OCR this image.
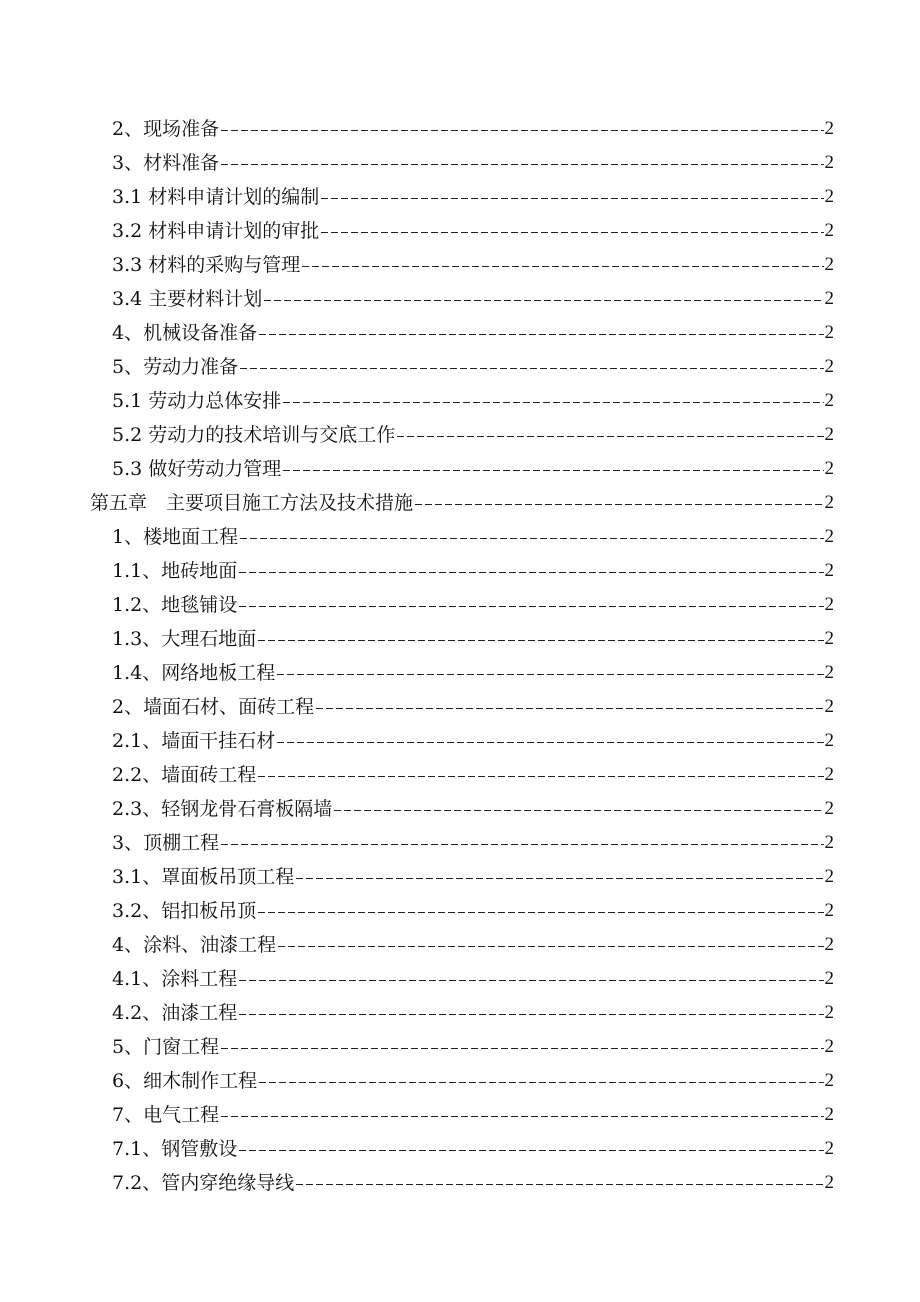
2、现场准备	2
3、材料准备	2
3.1 材料申请计划的编制	2
3.2 材料申请计划的审批	2
3.3 材料的采购与管理	2
3.4 主要材料计划	2
4、机械设备准备	2
5、劳动力准备	2
5.1 劳动力总体安排	2
5.2 劳动力的技术培训与交底工作	2
5.3 做好劳动力管理	2
第五章　主要项目施工方法及技术措施	2
1、楼地面工程	2
1.1、地砖地面	2
1.2、地毯铺设	2
1.3、大理石地面	2
1.4、网络地板工程	2
2、墙面石材、面砖工程	2
2.1、墙面干挂石材	2
2.2、墙面砖工程	2
2.3、轻钢龙骨石膏板隔墙	2
3、顶棚工程	2
3.1、罩面板吊顶工程	2
3.2、铝扣板吊顶	2
4、涂料、油漆工程	2
4.1、涂料工程	2
4.2、油漆工程	2
5、门窗工程	2
6、细木制作工程	2
7、电气工程	2
7.1、钢管敷设	2
7.2、管内穿绝缘导线	2
